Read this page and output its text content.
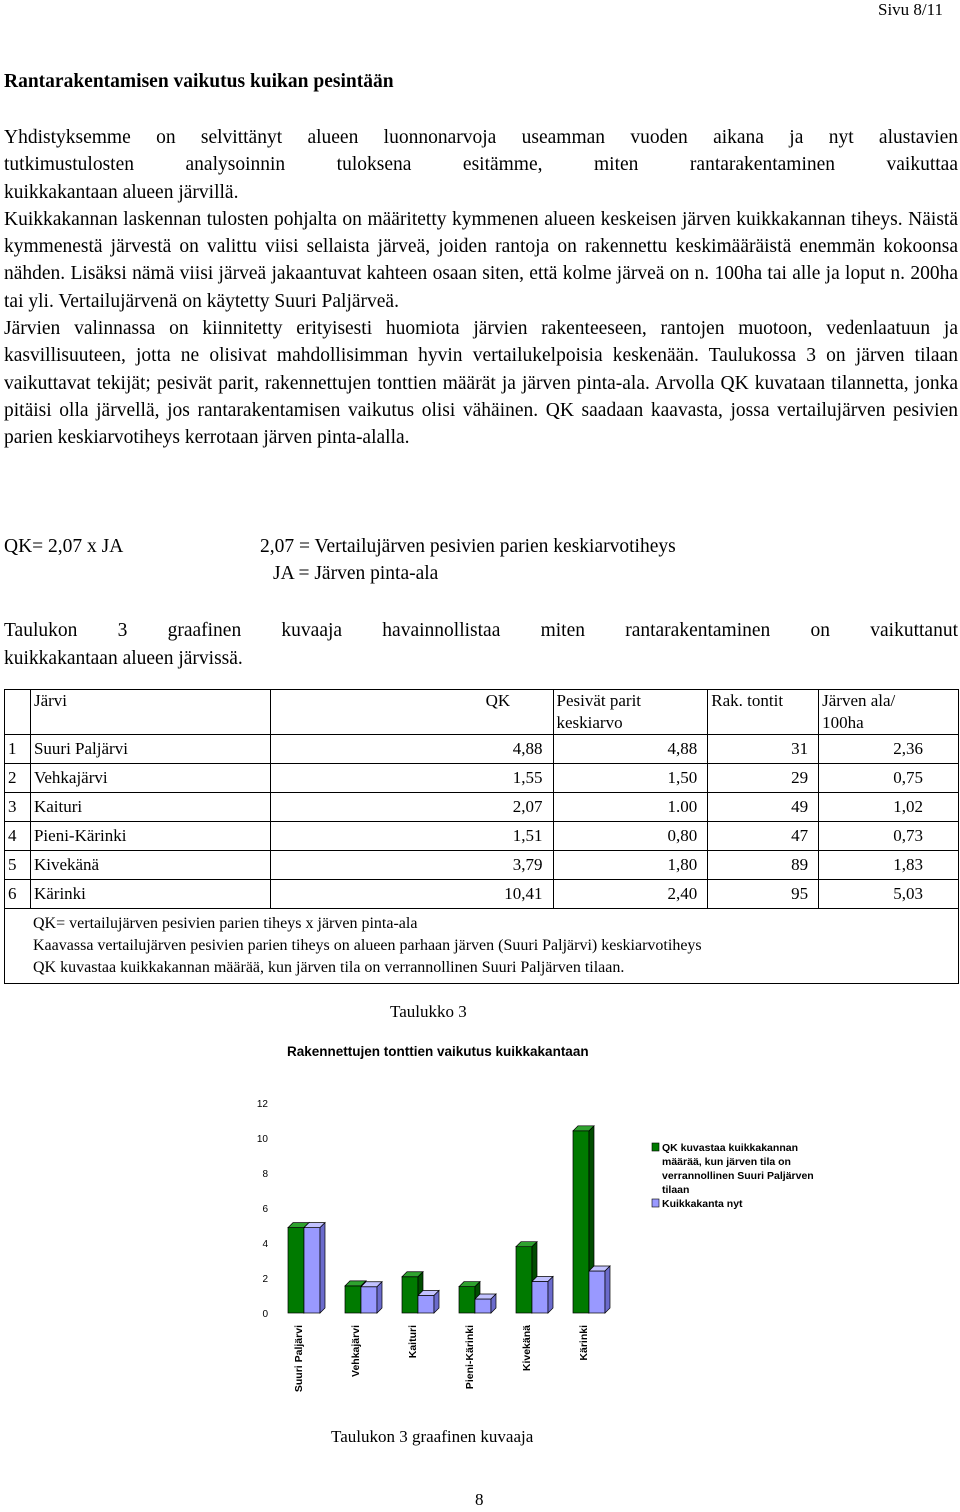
Sivu 8/11
Rantarakentamisen vaikutus kuikan pesintään

Yhdistyksemme on selvittänyt alueen luonnonarvoja useamman vuoden aikana ja nyt alustavien

tutkimustulosten analysoinnin tuloksena esitämme, miten rantarakentaminen vaikuttaa

kuikkakantaan alueen järvillä.

Kuikkakannan laskennan tulosten pohjalta on määritetty kymmenen alueen keskeisen järven kuikkakannan tiheys. Näistä kymmenestä järvestä on valittu viisi sellaista järveä, joiden rantoja on rakennettu keskimääräistä enemmän kokoonsa nähden. Lisäksi nämä viisi järveä jakaantuvat kahteen osaan siten, että kolme järveä on n. 100ha tai alle ja loput n. 200ha tai yli. Vertailujärvenä on käytetty Suuri Paljärveä.

Järvien valinnassa on kiinnitetty erityisesti huomiota järvien rakenteeseen, rantojen muotoon, vedenlaatuun ja kasvillisuuteen, jotta ne olisivat mahdollisimman hyvin vertailukelpoisia keskenään. Taulukossa 3 on järven tilaan vaikuttavat tekijät; pesivät parit, rakennettujen tonttien määrät ja järven pinta-ala. Arvolla QK kuvataan tilannetta, jonka pitäisi olla järvellä, jos rantarakentamisen vaikutus olisi vähäinen. QK saadaan kaavasta, jossa vertailujärven pesivien parien keskiarvotiheys kerrotaan järven pinta-alalla.

QK= 2,07 x JA	2,07 = Vertailujärven pesivien parien keskiarvotiheys
JA = Järven pinta-ala
Taulukon 3 graafinen kuvaaja havainnollistaa miten rantarakentaminen on vaikuttanut
kuikkakantaan alueen järvissä.
	Järvi	QK	Pesivät parit
keskiarvo	Rak. tontit	Järven ala/
100ha
1	Suuri Paljärvi	4,88	4,88	31	2,36
2	Vehkajärvi	1,55	1,50	29	0,75
3	Kaituri	2,07	1.00	49	1,02
4	Pieni-Kärinki	1,51	0,80	47	0,73
5	Kivekänä	3,79	1,80	89	1,83
6	Kärinki	10,41	2,40	95	5,03

QK= vertailujärven pesivien parien tiheys x järven pinta-ala
Kaavassa vertailujärven pesivien parien tiheys on alueen parhaan järven (Suuri Paljärvi) keskiarvotiheys
QK kuvastaa kuikkakannan määrää, kun järven tila on verrannollinen Suuri Paljärven tilaan.					
Taulukko 3
Rakennettujen tonttien vaikutus kuikkakantaan
0
2
4
6
8
10
12
Suuri Paljärvi	Vehkajärvi	Kaituri	Pieni-Kärinki	Kivekänä	Kärinki
QK kuvastaa kuikkakannan
määrää, kun järven tila on
verrannollinen Suuri Paljärven
tilaan
Kuikkakanta nyt
Taulukon 3 graafinen kuvaaja
8
